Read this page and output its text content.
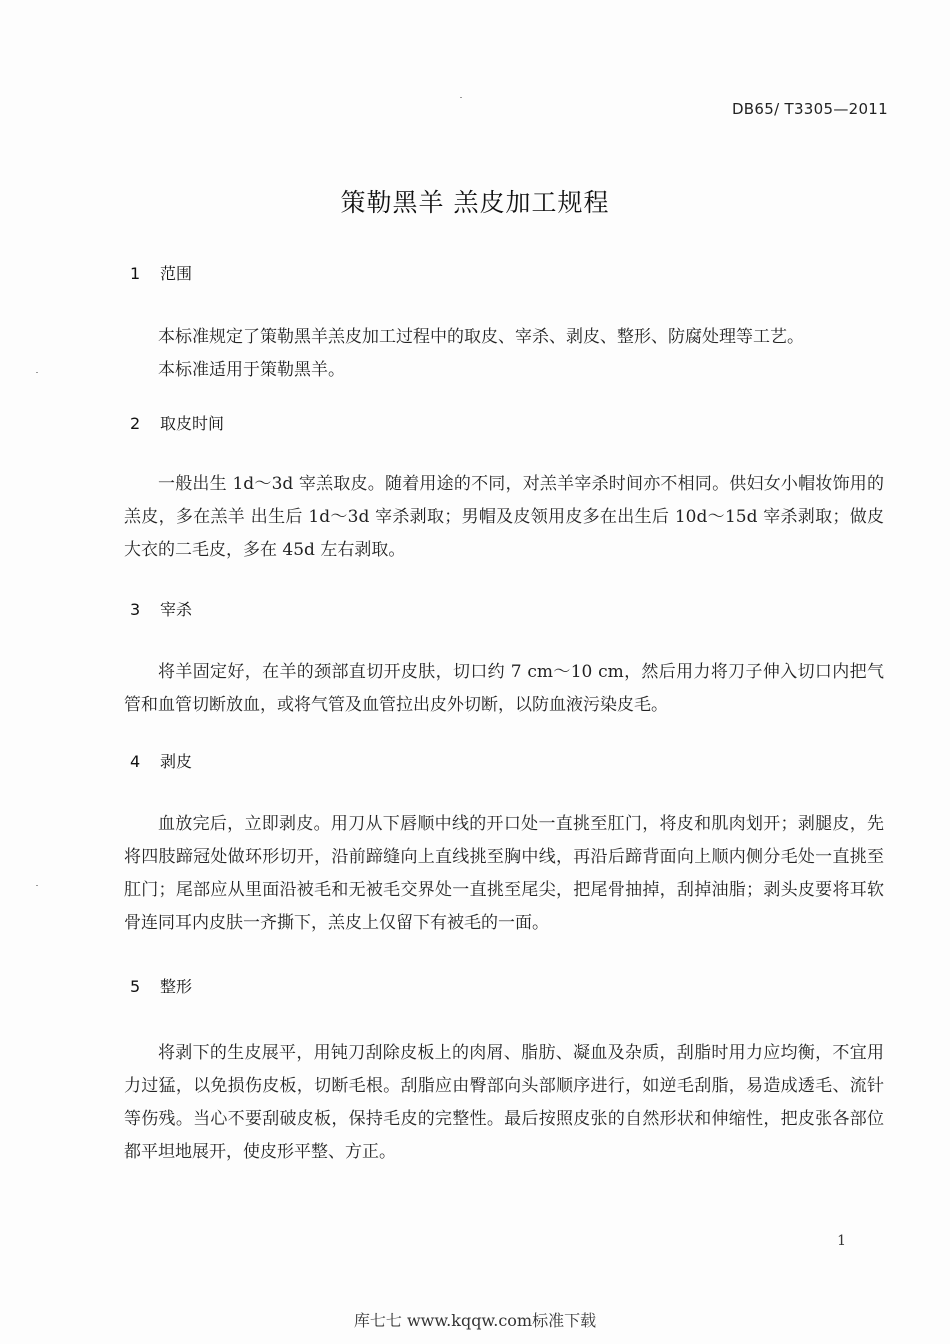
DB65/ T3305—2011
策勒黑羊 羔皮加工规程
1 范围

本标准规定了策勒黑羊羔皮加工过程中的取皮、宰杀、剥皮、整形、防腐处理等工艺。

本标准适用于策勒黑羊。

2 取皮时间

一般出生 1d～3d 宰羔取皮。随着用途的不同，对羔羊宰杀时间亦不相同。供妇女小帽妆饰用的羔皮，多在羔羊 出生后 1d～3d 宰杀剥取；男帽及皮领用皮多在出生后 10d～15d 宰杀剥取；做皮大衣的二毛皮，多在 45d 左右剥取。

3 宰杀

将羊固定好，在羊的颈部直切开皮肤，切口约 7 cm～10 cm，然后用力将刀子伸入切口内把气管和血管切断放血，或将气管及血管拉出皮外切断，以防血液污染皮毛。

4 剥皮

血放完后，立即剥皮。用刀从下唇顺中线的开口处一直挑至肛门，将皮和肌肉划开；剥腿皮，先将四肢蹄冠处做环形切开，沿前蹄缝向上直线挑至胸中线，再沿后蹄背面向上顺内侧分毛处一直挑至肛门；尾部应从里面沿被毛和无被毛交界处一直挑至尾尖，把尾骨抽掉，刮掉油脂；剥头皮要将耳软骨连同耳内皮肤一齐撕下，羔皮上仅留下有被毛的一面。

5 整形

将剥下的生皮展平，用钝刀刮除皮板上的肉屑、脂肪、凝血及杂质，刮脂时用力应均衡，不宜用力过猛，以免损伤皮板，切断毛根。刮脂应由臀部向头部顺序进行，如逆毛刮脂，易造成透毛、流针等伤残。当心不要刮破皮板，保持毛皮的完整性。最后按照皮张的自然形状和伸缩性，把皮张各部位都平坦地展开，使皮形平整、方正。

1
库七七 www.kqqw.com标准下载
